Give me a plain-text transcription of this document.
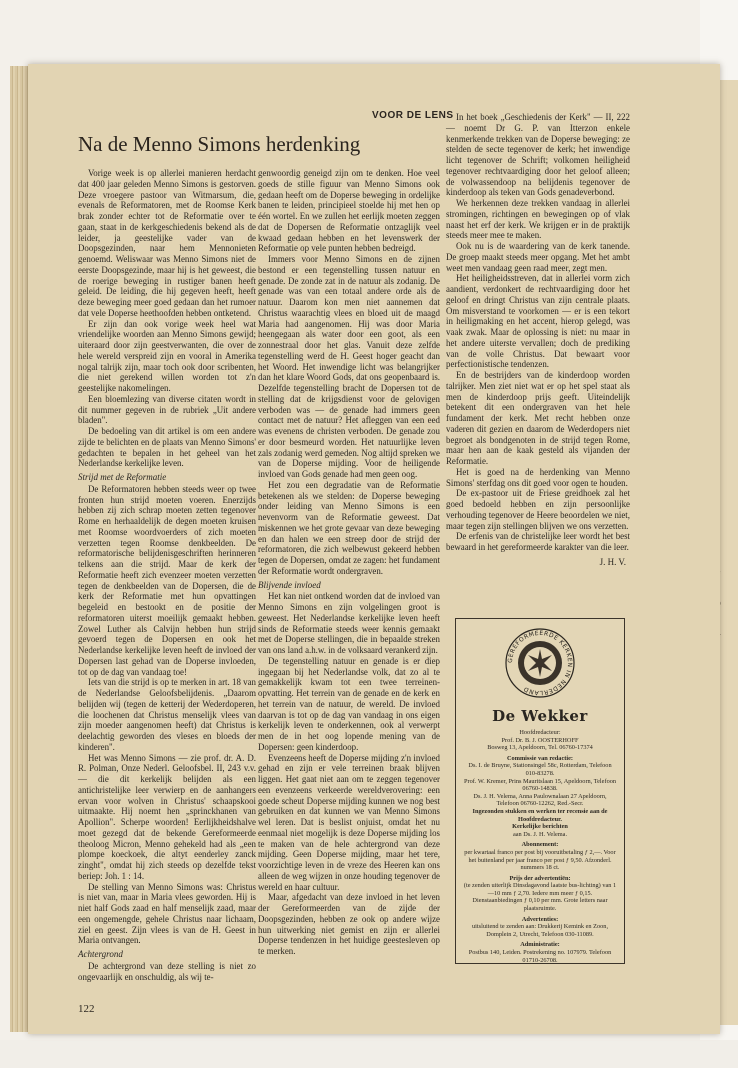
VOOR DE LENS
Na de Menno Simons herdenking

Vorige week is op allerlei manieren herdacht dat 400 jaar geleden Menno Simons is gestorven. Deze vroegere pastoor van Witmarsum, die, evenals de Reformatoren, met de Roomse Kerk brak zonder echter tot de Reformatie over te gaan, staat in de kerkgeschiedenis bekend als de leider, ja geestelijke vader van de Doopsgezinden, naar hem Mennonieten genoemd. Weliswaar was Menno Simons niet de eerste Doopsgezinde, maar hij is het geweest, die de roerige beweging in rustiger banen heeft geleid. De leiding, die hij gegeven heeft, heeft deze beweging meer goed gedaan dan het rumoer dat vele Doperse heethoofden hebben ontketend.

Er zijn dan ook vorige week heel wat vriendelijke woorden aan Menno Simons gewijd; uiteraard door zijn geestverwanten, die over de hele wereld verspreid zijn en vooral in Amerika nogal talrijk zijn, maar toch ook door scribenten, die niet gerekend willen worden tot z'n geestelijke nakomelingen.

Een bloemlezing van diverse citaten wordt in dit nummer gegeven in de rubriek „Uit andere bladen".

De bedoeling van dit artikel is om een andere zijde te belichten en de plaats van Menno Simons' gedachten te bepalen in het geheel van het Nederlandse kerkelijke leven.

Strijd met de Reformatie

De Reformatoren hebben steeds weer op twee fronten hun strijd moeten voeren. Enerzijds hebben zij zich schrap moeten zetten tegenover Rome en herhaaldelijk de degen moeten kruisen met Roomse woordvoerders of zich moeten verzetten tegen Roomse denkbeelden. De reformatorische belijdenisgeschriften herinneren telkens aan die strijd. Maar de kerk der Reformatie heeft zich evenzeer moeten verzetten tegen de denkbeelden van de Dopersen, die de kerk der Reformatie met hun opvattingen begeleid en bestookt en de positie der reformatoren uiterst moeilijk gemaakt hebben. Zowel Luther als Calvijn hebben hun strijd gevoerd tegen de Dopersen en ook het Nederlandse kerkelijke leven heeft de invloed der Dopersen last gehad van de Doperse invloeden, tot op de dag van vandaag toe!

Iets van die strijd is op te merken in art. 18 van de Nederlandse Geloofsbelijdenis. „Daarom belijden wij (tegen de ketterij der Wederdoperen, die loochenen dat Christus menselijk vlees van zijn moeder aangenomen heeft) dat Christus is deelachtig geworden des vleses en bloeds der kinderen".

Het was Menno Simons — zie prof. dr. A. D. R. Polman, Onze Nederl. Geloofsbel. II, 243 v.v. — die dit kerkelijk belijden als een antichristelijke leer verwierp en de aanhangers ervan voor wolven in Christus' schaapskooi uitmaakte. Hij noemt hen „sprinckhanen van Apollion". Scherpe woorden! Eerlijkheidshalve moet gezegd dat de bekende Gereformeerde theoloog Micron, Menno gehekeld had als „een plompe koeckoek, die altyt eenderley zanck zinght", omdat hij zich steeds op dezelfde tekst beriep: Joh. 1 : 14.

De stelling van Menno Simons was: Christus is niet van, maar in Maria vlees geworden. Hij is niet half Gods zaad en half menselijk zaad, maar een ongemengde, gehele Christus naar lichaam, ziel en geest. Zijn vlees is van de H. Geest in Maria ontvangen.

Achtergrond

De achtergrond van deze stelling is niet zo ongevaarlijk en onschuldig, als wij te-

genwoordig geneigd zijn om te denken. Hoe veel goeds de stille figuur van Menno Simons ook gedaan heeft om de Doperse beweging in ordelijke banen te leiden, principieel stoelde hij met hen op één wortel. En we zullen het eerlijk moeten zeggen dat de Dopersen de Reformatie ontzaglijk veel kwaad gedaan hebben en het levenswerk der Reformatie op vele punten hebben bedreigd.

Immers voor Menno Simons en de zijnen bestond er een tegenstelling tussen natuur en genade. De zonde zat in de natuur als zodanig. De genade was van een totaal andere orde als de natuur. Daarom kon men niet aannemen dat Christus waarachtig vlees en bloed uit de maagd Maria had aangenomen. Hij was door Maria heengegaan als water door een goot, als een zonnestraal door het glas. Vanuit deze zelfde tegenstelling werd de H. Geest hoger geacht dan het Woord. Het inwendige licht was belangrijker dan het klare Woord Gods, dat ons geopenbaard is. Dezelfde tegenstelling bracht de Dopersen tot de stelling dat de krijgsdienst voor de gelovigen verboden was — de genade had immers geen contact met de natuur? Het afleggen van een eed was evenens de christen verboden. De genade zou er door besmeurd worden. Het natuurlijke leven zals zodanig werd gemeden. Nog altijd spreken we van de Doperse mijding. Voor de heiligende invloed van Gods genade had men geen oog.

Het zou een degradatie van de Reformatie betekenen als we stelden: de Doperse beweging onder leiding van Menno Simons is een nevenvorm van de Reformatie geweest. Dat miskennen we het grote gevaar van deze beweging en dan halen we een streep door de strijd der reformatoren, die zich welbewust gekeerd hebben tegen de Dopersen, omdat ze zagen: het fundament der Reformatie wordt ondergraven.

Blijvende invloed

Het kan niet ontkend worden dat de invloed van Menno Simons en zijn volgelingen groot is geweest. Het Nederlandse kerkelijke leven heeft sinds de Reformatie steeds weer kennis gemaakt met de Doperse stellingen, die in bepaalde streken van ons land a.h.w. in de volksaard verankerd zijn.

De tegenstelling natuur en genade is er diep ingegaan bij het Nederlandse volk, dat zo al te gemakkelijk kwam tot een twee terreinen-opvatting. Het terrein van de genade en de kerk en het terrein van de natuur, de wereld. De invloed daarvan is tot op de dag van vandaag in ons eigen kerkelijk leven te onderkennen, ook al verwerpt men de in het oog lopende mening van de Dopersen: geen kinderdoop.

Evenzeens heeft de Doperse mijding z'n invloed gehad en zijn er vele terreinen braak blijven liggen. Het gaat niet aan om te zeggen tegenover een evenzeens verkeerde wereldverovering: een goede scheut Doperse mijding kunnen we nog best gebruiken en dat kunnen we van Menno Simons wel leren. Dat is beslist onjuist, omdat het nu eenmaal niet mogelijk is deze Doperse mijding los te maken van de hele achtergrond van deze mijding. Geen Doperse mijding, maar het tere, voorzichtige leven in de vreze des Heeren kan ons alleen de weg wijzen in onze houding tegenover de wereld en haar cultuur.

Maar, afgedacht van deze invloed in het leven der Gereformeerden van de zijde der Doopsgezinden, hebben ze ook op andere wijze hun uitwerking niet gemist en zijn er allerlei Doperse tendenzen in het huidige geestesleven op te merken.

In het boek „Geschiedenis der Kerk" — II, 222 — noemt Dr G. P. van Itterzon enkele kenmerkende trekken van de Doperse beweging: ze stelden de secte tegenover de kerk; het inwendige licht tegenover de Schrift; volkomen heiligheid tegenover rechtvaardiging door het geloof alleen; de volwassendoop na belijdenis tegenover de kinderdoop als teken van Gods genadeverbond.

We herkennen deze trekken vandaag in allerlei stromingen, richtingen en bewegingen op of vlak naast het erf der kerk. We krijgen er in de praktijk steeds meer mee te maken.

Ook nu is de waardering van de kerk tanende. De groep maakt steeds meer opgang. Met het ambt weet men vandaag geen raad meer, zegt men.

Het heiligheidsstreven, dat in allerlei vorm zich aandient, verdonkert de rechtvaardiging door het geloof en dringt Christus van zijn centrale plaats. Om misverstand te voorkomen — er is een tekort in heiligmaking en het accent, hierop gelegd, was vaak zwak. Maar de oplossing is niet: nu maar in het andere uiterste vervallen; doch de prediking van de volle Christus. Dat bewaart voor perfectionistische tendenzen.

En de bestrijders van de kinderdoop worden talrijker. Men ziet niet wat er op het spel staat als men de kinderdoop prijs geeft. Uiteindelijk betekent dit een ondergraven van het hele fundament der kerk. Met recht hebben onze vaderen dit gezien en daarom de Wederdopers niet begroet als bondgenoten in de strijd tegen Rome, maar hen aan de kaak gesteld als vijanden der Reformatie.

Het is goed na de herdenking van Menno Simons' sterfdag ons dit goed voor ogen te houden.

De ex-pastoor uit de Friese greidhoek zal het goed bedoeld hebben en zijn persoonlijke verhouding tegenover de Heere beoordelen we niet, maar tegen zijn stellingen blijven we ons verzetten.

De erfenis van de christelijke leer wordt het best bewaard in het gereformeerde karakter van die leer.

J. H. V.
GEREFORMEERDE KERKEN IN NEDERLAND
De Wekker
Hoofdredacteur:
Prof. Dr. B. J. OOSTERHOFF
Bosweg 13, Apeldoorn, Tel. 06760-17374
Commissie van redactie:
Ds. I. de Bruyne, Stationsingel 58c, Rotterdam, Telefoon 010-83278.
Prof. W. Kremer, Prins Mauritslaan 15, Apeldoorn, Telefoon 06760-14838.
Ds. J. H. Velema, Anna Paulownalaan 27 Apeldoorn, Telefoon 06760-12262, Red.-Secr.
Ingezonden stukken en werken ter recensie aan de Hoofdredacteur.
Kerkelijke berichten
aan Ds. J. H. Velema.
Abonnement:
per kwartaal franco per post bij vooruitbetaling ƒ 2,—. Voor het buitenland per jaar franco per post ƒ 9,50. Afzonderl. nummers 18 ct.
Prijs der advertentiën:
(te zenden uiterlijk Dinsdagavond laatste bus-lichting) van 1—10 mm ƒ 2,70. Iedere mm meer ƒ 0,15. Dienstaanbiedingen ƒ 0,10 per mm. Grote letters naar plaatsruimte.
Advertenties:
uitsluitend te zenden aan: Drukkerij Kemink en Zoon, Domplein 2, Utrecht, Telefoon 030-11089.
Administratie:
Postbus 140, Leiden. Postrekening no. 107979. Telefoon 01710-26708.
122
